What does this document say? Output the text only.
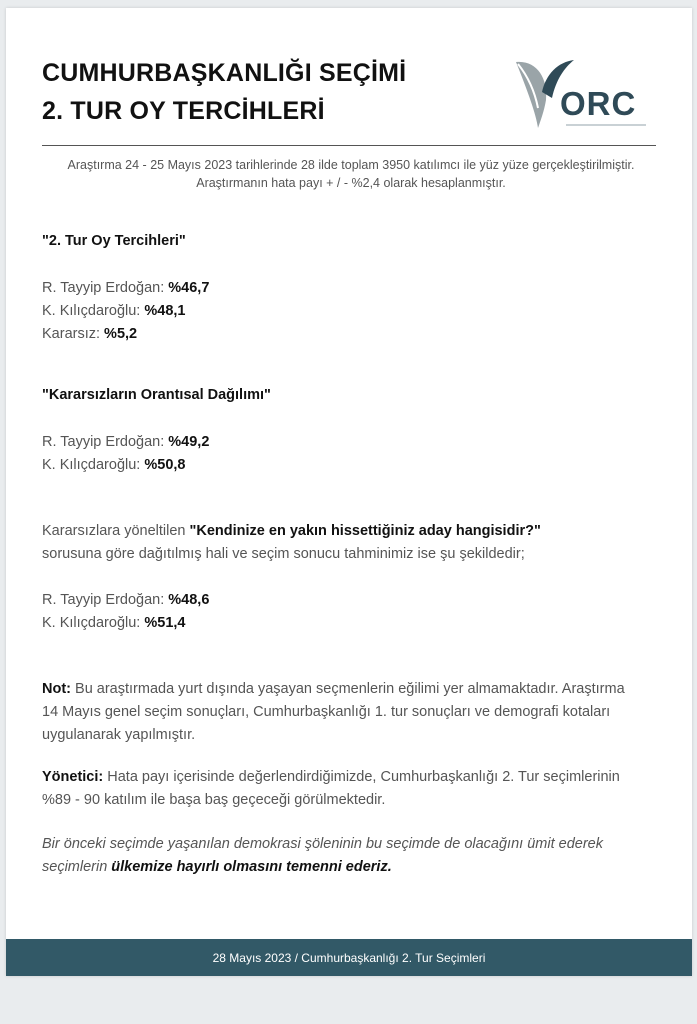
CUMHURBAŞKANLIĞI SEÇİMİ
2. TUR OY TERCİHLERİ	ORC
Araştırma 24 - 25 Mayıs 2023 tarihlerinde 28 ilde toplam 3950 katılımcı ile yüz yüze gerçekleştirilmiştir. Araştırmanın hata payı + / - %2,4 olarak hesaplanmıştır.
"2. Tur Oy Tercihleri"
R. Tayyip Erdoğan: %46,7
K. Kılıçdaroğlu: %48,1
Kararsız: %5,2
"Kararsızların Orantısal Dağılımı"
R. Tayyip Erdoğan: %49,2
K. Kılıçdaroğlu: %50,8
Kararsızlara yöneltilen "Kendinize en yakın hissettiğiniz aday hangisidir?"
sorusuna göre dağıtılmış hali ve seçim sonucu tahminimiz ise şu şekildedir;
R. Tayyip Erdoğan: %48,6
K. Kılıçdaroğlu: %51,4
Not: Bu araştırmada yurt dışında yaşayan seçmenlerin eğilimi yer almamaktadır. Araştırma 14 Mayıs genel seçim sonuçları, Cumhurbaşkanlığı 1. tur sonuçları ve demografi kotaları uygulanarak yapılmıştır.
Yönetici: Hata payı içerisinde değerlendirdiğimizde, Cumhurbaşkanlığı 2. Tur seçimlerinin %89 - 90 katılım ile başa baş geçeceği görülmektedir.
Bir önceki seçimde yaşanılan demokrasi şöleninin bu seçimde de olacağını ümit ederek seçimlerin ülkemize hayırlı olmasını temenni ederiz.
28 Mayıs 2023 / Cumhurbaşkanlığı 2. Tur Seçimleri
